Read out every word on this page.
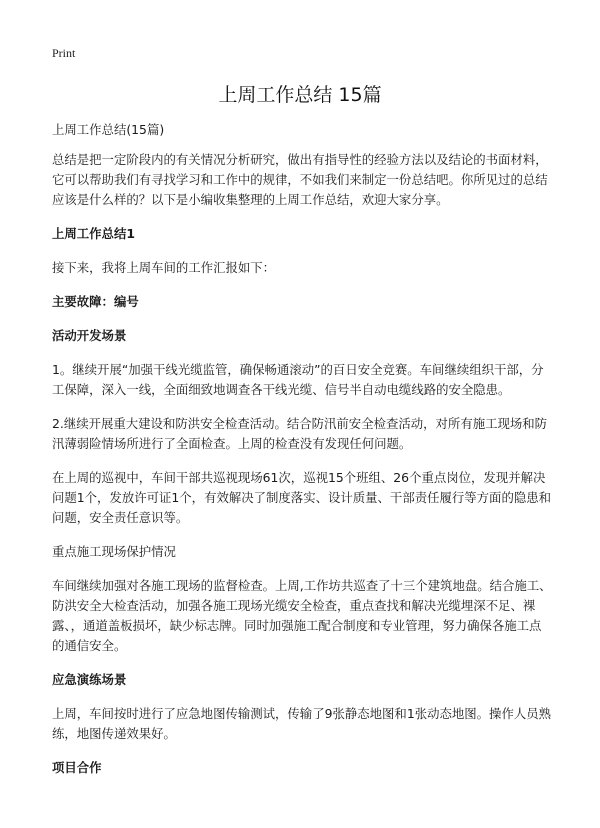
Print
上周工作总结 15篇

上周工作总结(15篇)

总结是把一定阶段内的有关情况分析研究，做出有指导性的经验方法以及结论的书面材料，它可以帮助我们有寻找学习和工作中的规律，不如我们来制定一份总结吧。你所见过的总结应该是什么样的？以下是小编收集整理的上周工作总结，欢迎大家分享。

上周工作总结1

接下来，我将上周车间的工作汇报如下：

主要故障：编号

活动开发场景

1。继续开展“加强干线光缆监管，确保畅通滚动”的百日安全竞赛。车间继续组织干部，分工保障，深入一线，全面细致地调查各干线光缆、信号半自动电缆线路的安全隐患。

2.继续开展重大建设和防洪安全检查活动。结合防汛前安全检查活动，对所有施工现场和防汛薄弱险情场所进行了全面检查。上周的检查没有发现任何问题。

在上周的巡视中，车间干部共巡视现场61次，巡视15个班组、26个重点岗位，发现并解决问题1个，发放许可证1个，有效解决了制度落实、设计质量、干部责任履行等方面的隐患和问题，安全责任意识等。

重点施工现场保护情况

车间继续加强对各施工现场的监督检查。上周,工作坊共巡查了十三个建筑地盘。结合施工、防洪安全大检查活动，加强各施工现场光缆安全检查，重点查找和解决光缆埋深不足、裸露、，通道盖板损坏，缺少标志牌。同时加强施工配合制度和专业管理，努力确保各施工点的通信安全。

应急演练场景

上周，车间按时进行了应急地图传输测试，传输了9张静态地图和1张动态地图。操作人员熟练，地图传递效果好。

项目合作
